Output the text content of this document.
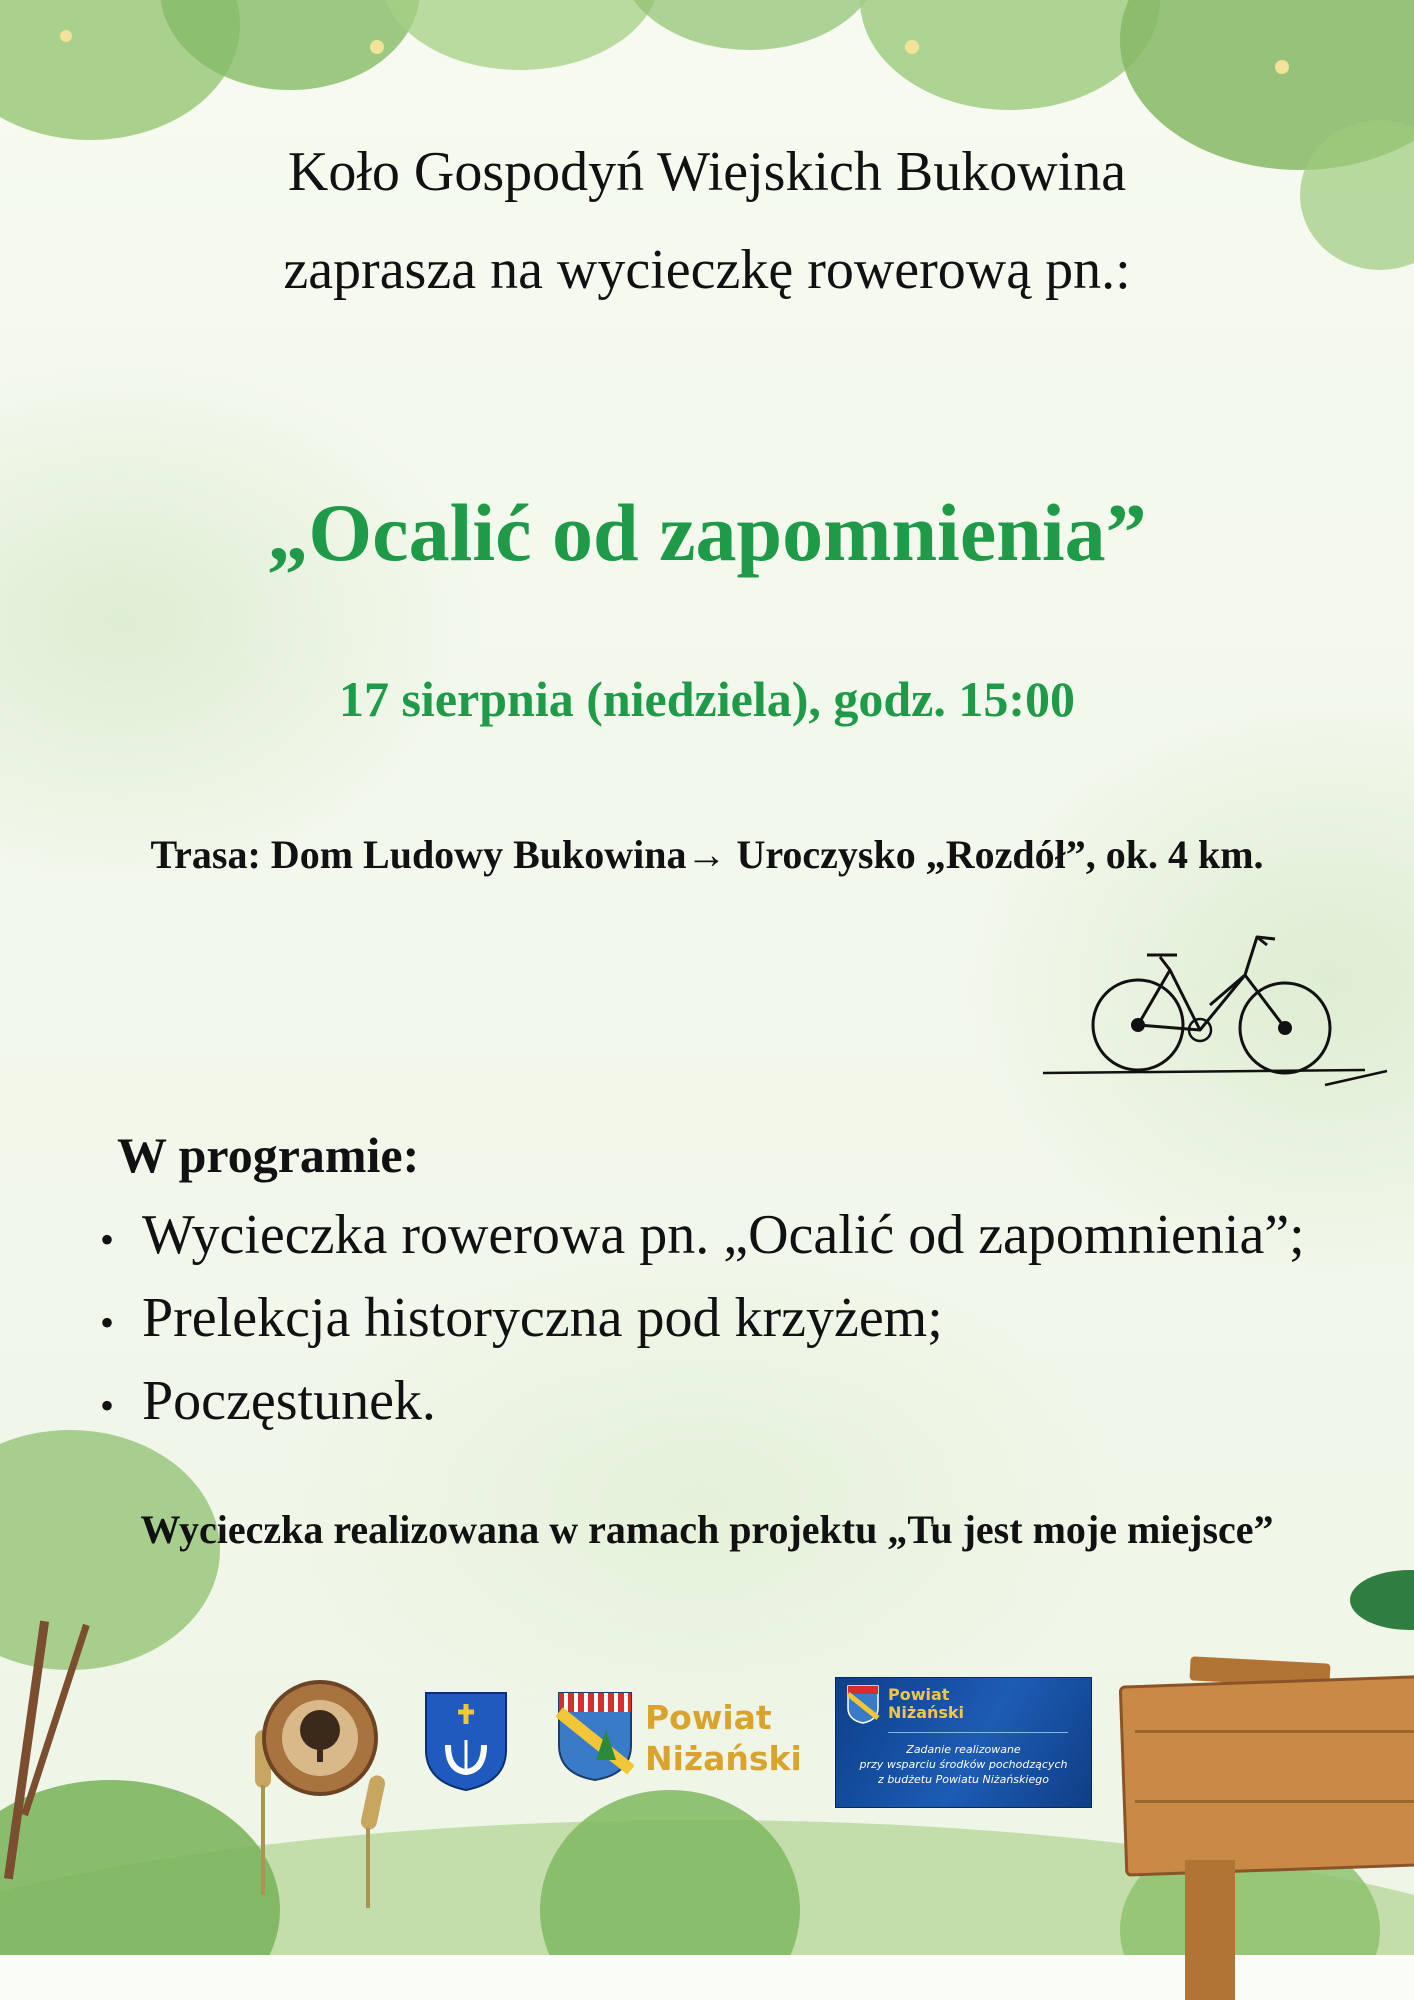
Koło Gospodyń Wiejskich Bukowina

zaprasza na wycieczkę rowerową pn.:

„Ocalić od zapomnienia”

17 sierpnia (niedziela), godz. 15:00

Trasa: Dom Ludowy Bukowina→ Uroczysko „Rozdół”, ok. 4 km.

W programie:
• Wycieczka rowerowa pn. „Ocalić od zapomnienia”;
• Prelekcja historyczna pod krzyżem;
• Poczęstunek.

Wycieczka realizowana w ramach projektu „Tu jest moje miejsce”

Powiat
Niżański
Powiat
Niżański
Zadanie realizowane
przy wsparciu środków pochodzących
z budżetu Powiatu Niżańskiego
